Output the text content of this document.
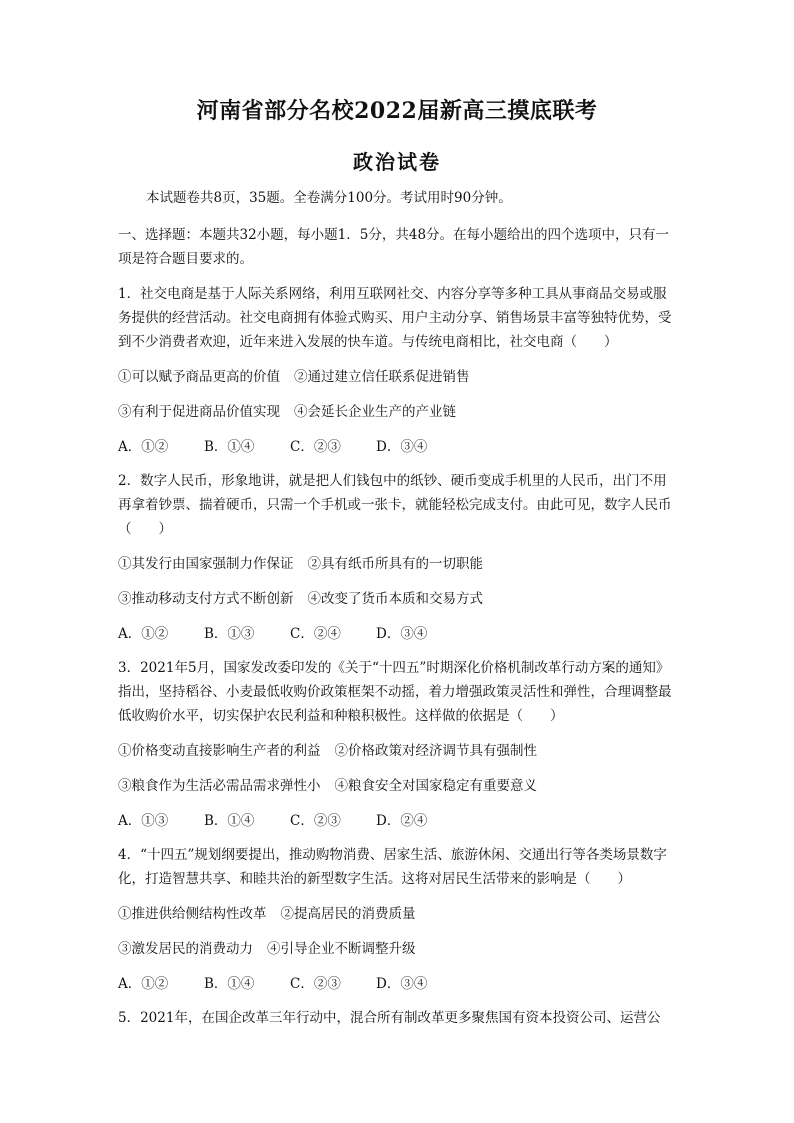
河南省部分名校2022届新高三摸底联考
政治试卷
本试题卷共8页，35题。全卷满分100分。考试用时90分钟。

一、选择题：本题共32小题，每小题1．5分，共48分。在每小题给出的四个选项中，只有一项是符合题目要求的。

1．社交电商是基于人际关系网络，利用互联网社交、内容分享等多种工具从事商品交易或服务提供的经营活动。社交电商拥有体验式购买、用户主动分享、销售场景丰富等独特优势，受到不少消费者欢迎，近年来进入发展的快车道。与传统电商相比，社交电商（　　）

①可以赋予商品更高的价值 ②通过建立信任联系促进销售

③有利于促进商品价值实现 ④会延长企业生产的产业链

A．①②	B．①④	C．②③	D．③④

2．数字人民币，形象地讲，就是把人们钱包中的纸钞、硬币变成手机里的人民币，出门不用再拿着钞票、揣着硬币，只需一个手机或一张卡，就能轻松完成支付。由此可见，数字人民币（　　）

①其发行由国家强制力作保证 ②具有纸币所具有的一切职能

③推动移动支付方式不断创新 ④改变了货币本质和交易方式

A．①②	B．①③	C．②④	D．③④

3．2021年5月，国家发改委印发的《关于“十四五”时期深化价格机制改革行动方案的通知》指出，坚持稻谷、小麦最低收购价政策框架不动摇，着力增强政策灵活性和弹性，合理调整最低收购价水平，切实保护农民利益和种粮积极性。这样做的依据是（　　）

①价格变动直接影响生产者的利益 ②价格政策对经济调节具有强制性

③粮食作为生活必需品需求弹性小 ④粮食安全对国家稳定有重要意义

A．①③	B．①④	C．②③	D．②④

4．“十四五”规划纲要提出，推动购物消费、居家生活、旅游休闲、交通出行等各类场景数字化，打造智慧共享、和睦共治的新型数字生活。这将对居民生活带来的影响是（　　）

①推进供给侧结构性改革 ②提高居民的消费质量

③激发居民的消费动力 ④引导企业不断调整升级

A．①②	B．①④	C．②③	D．③④

5．2021年，在国企改革三年行动中，混合所有制改革更多聚焦国有资本投资公司、运营公
